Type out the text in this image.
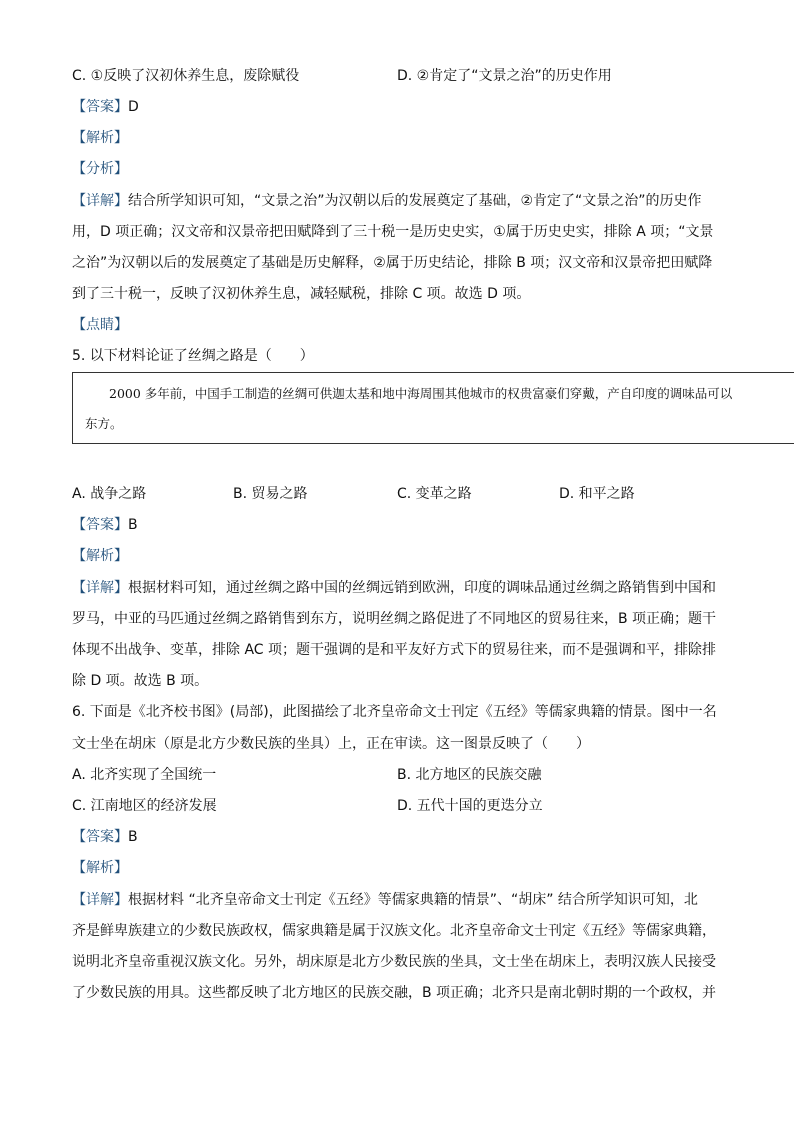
C. ①反映了汉初休养生息，废除赋役	D. ②肯定了“文景之治”的历史作用
【答案】D
【解析】
【分析】
【详解】结合所学知识可知，“文景之治”为汉朝以后的发展奠定了基础，②肯定了“文景之治”的历史作
用，D 项正确；汉文帝和汉景帝把田赋降到了三十税一是历史史实，①属于历史史实，排除 A 项；“文景
之治”为汉朝以后的发展奠定了基础是历史解释，②属于历史结论，排除 B 项；汉文帝和汉景帝把田赋降
到了三十税一，反映了汉初休养生息，减轻赋税，排除 C 项。故选 D 项。
【点睛】
5. 以下材料论证了丝绸之路是（　　）
2000 多年前，中国手工制造的丝绸可供迦太基和地中海周围其他城市的权贵富豪们穿戴，产自印度的调味品可以
东方。
A. 战争之路	B. 贸易之路	C. 变革之路	D. 和平之路
【答案】B
【解析】
【详解】根据材料可知，通过丝绸之路中国的丝绸远销到欧洲，印度的调味品通过丝绸之路销售到中国和
罗马，中亚的马匹通过丝绸之路销售到东方，说明丝绸之路促进了不同地区的贸易往来，B 项正确；题干
体现不出战争、变革，排除 AC 项；题干强调的是和平友好方式下的贸易往来，而不是强调和平，排除排
除 D 项。故选 B 项。
6. 下面是《北齐校书图》(局部)，此图描绘了北齐皇帝命文士刊定《五经》等儒家典籍的情景。图中一名
文士坐在胡床（原是北方少数民族的坐具）上，正在审读。这一图景反映了（　　）
A. 北齐实现了全国统一	B. 北方地区的民族交融
C. 江南地区的经济发展	D. 五代十国的更迭分立
【答案】B
【解析】
【详解】根据材料 “北齐皇帝命文士刊定《五经》等儒家典籍的情景”、“胡床” 结合所学知识可知，北
齐是鲜卑族建立的少数民族政权，儒家典籍是属于汉族文化。北齐皇帝命文士刊定《五经》等儒家典籍，
说明北齐皇帝重视汉族文化。另外，胡床原是北方少数民族的坐具，文士坐在胡床上，表明汉族人民接受
了少数民族的用具。这些都反映了北方地区的民族交融，B 项正确；北齐只是南北朝时期的一个政权，并
